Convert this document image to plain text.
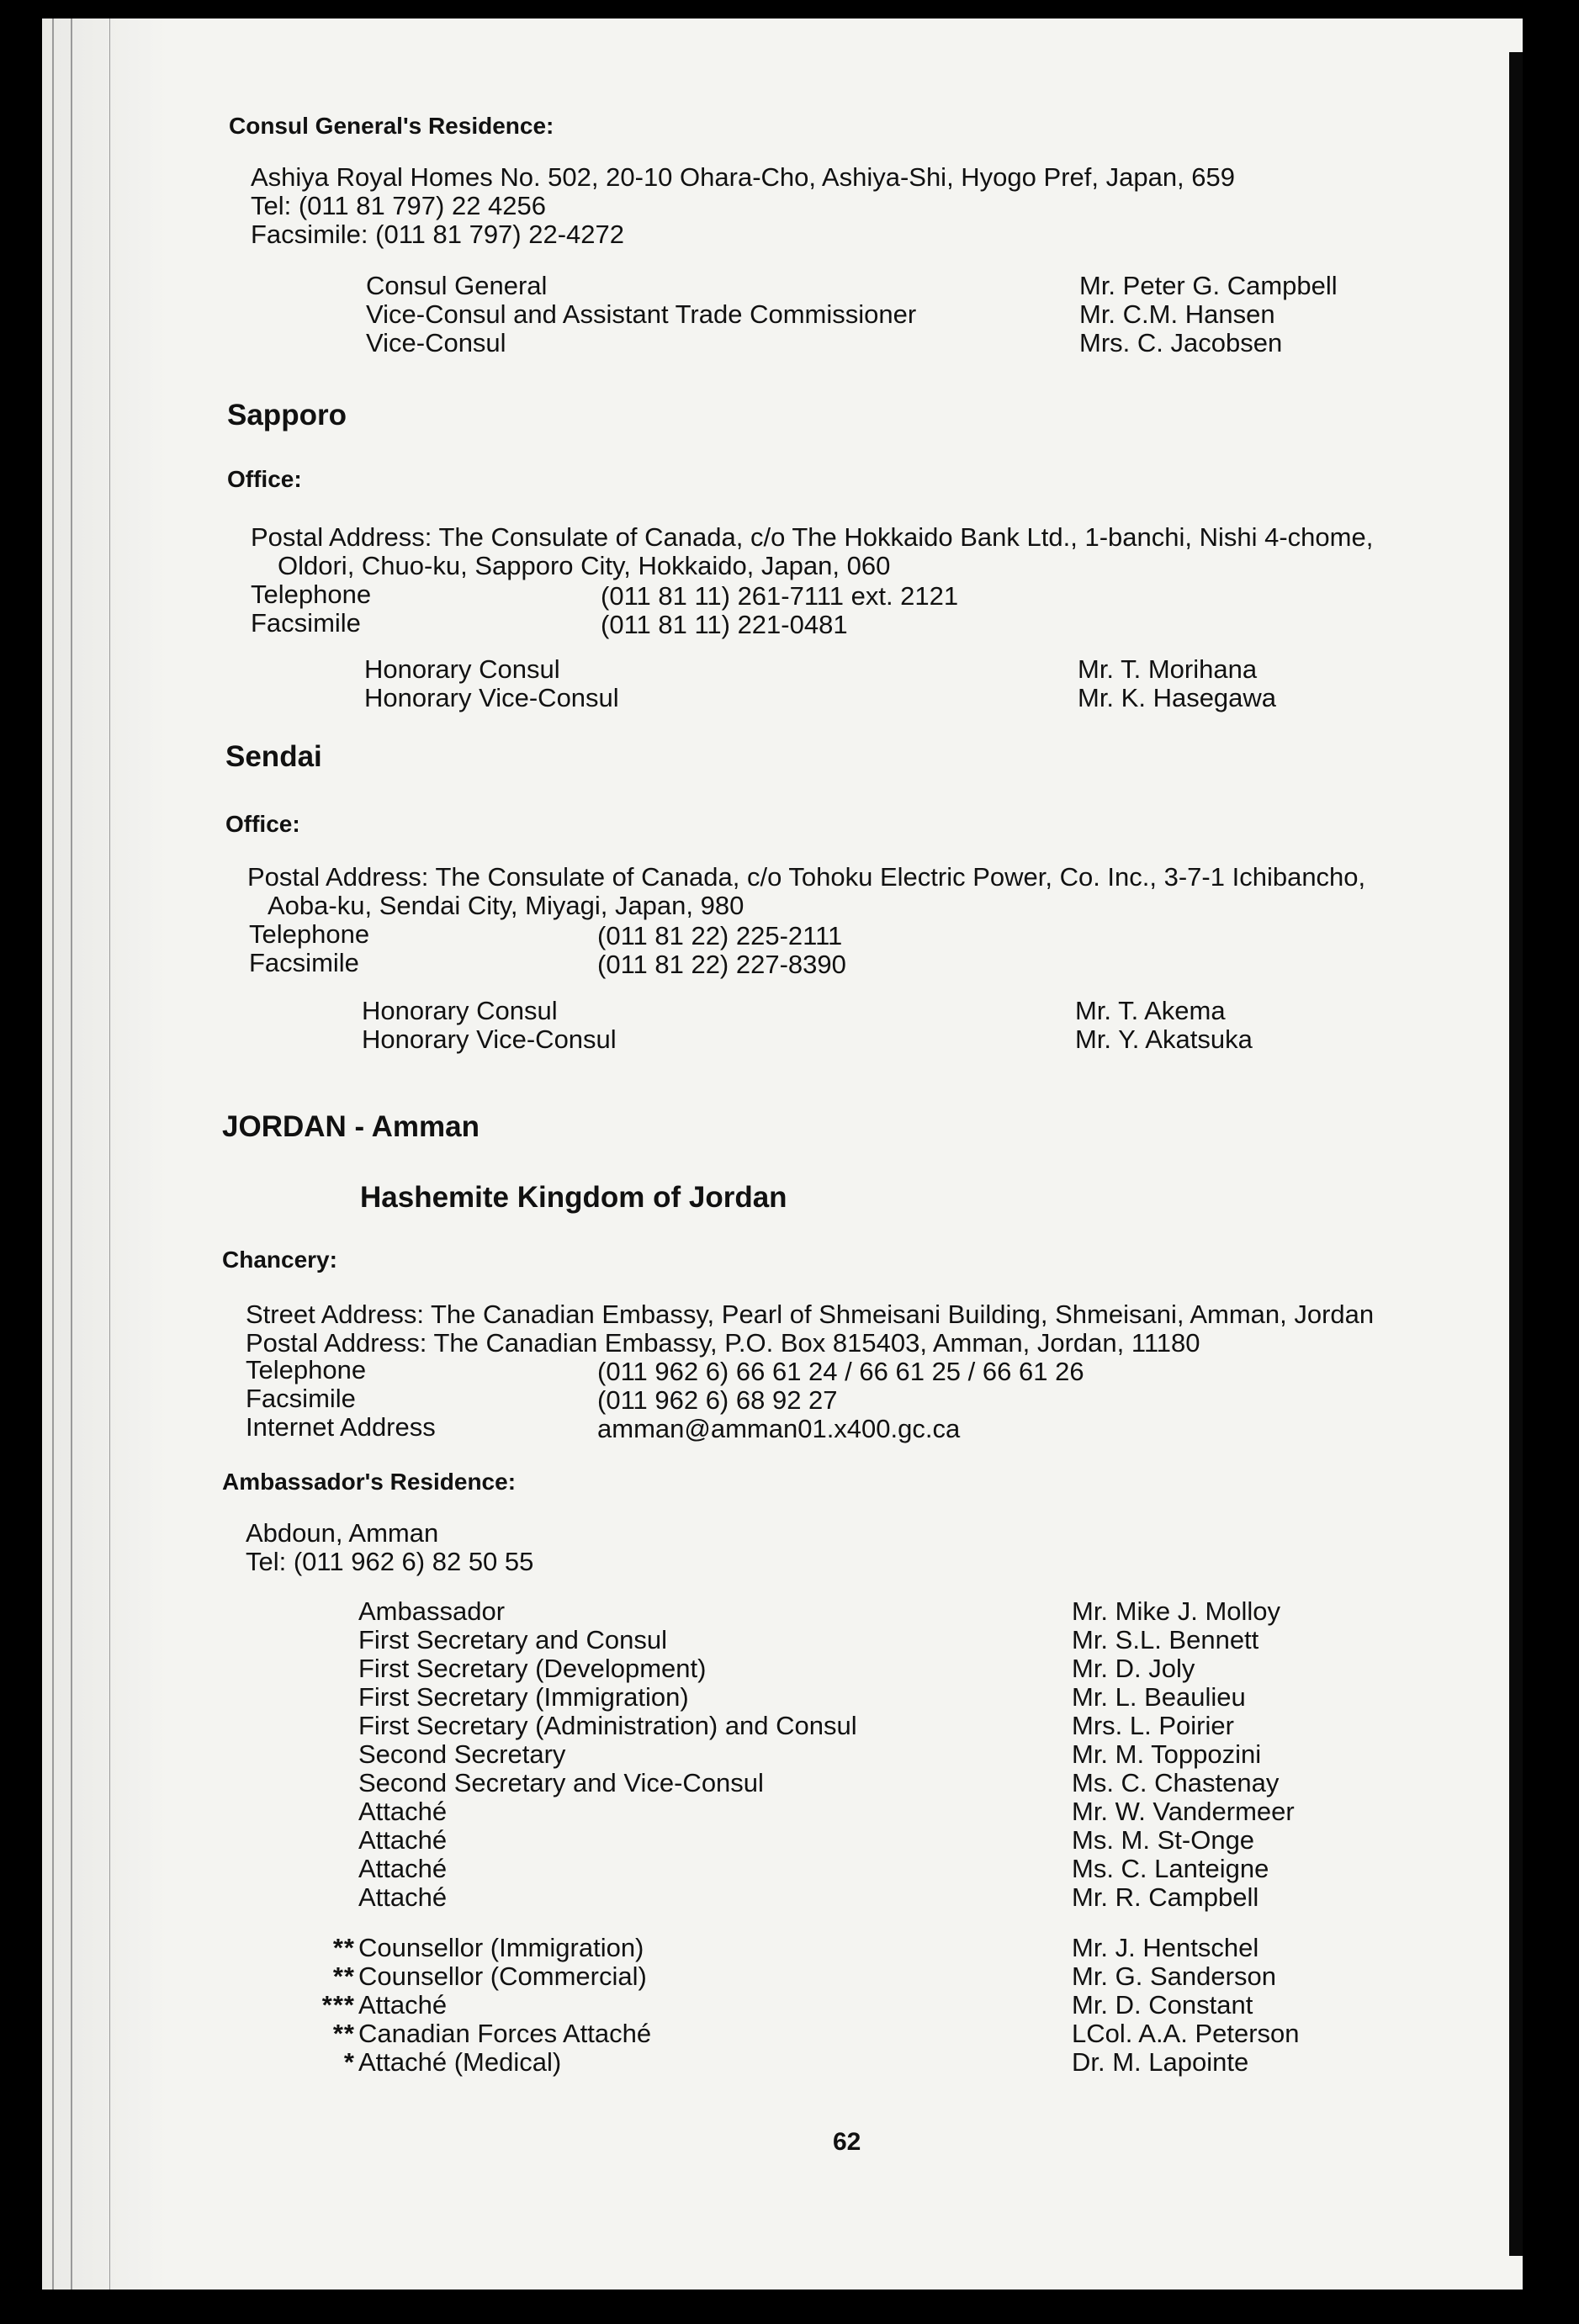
Consul General's Residence:
Ashiya Royal Homes No. 502, 20-10 Ohara-Cho, Ashiya-Shi, Hyogo Pref, Japan, 659
Tel: (011 81 797) 22 4256
Facsimile: (011 81 797) 22-4272
Consul General	Mr. Peter G. Campbell
Vice-Consul and Assistant Trade Commissioner	Mr. C.M. Hansen
Vice-Consul	Mrs. C. Jacobsen
Sapporo
Office:
Postal Address: The Consulate of Canada, c/o The Hokkaido Bank Ltd., 1-banchi, Nishi 4-chome,
Oldori, Chuo-ku, Sapporo City, Hokkaido, Japan, 060
Telephone	(011 81 11) 261-7111 ext. 2121
Facsimile	(011 81 11) 221-0481
Honorary Consul	Mr. T. Morihana
Honorary Vice-Consul	Mr. K. Hasegawa
Sendai
Office:
Postal Address: The Consulate of Canada, c/o Tohoku Electric Power, Co. Inc., 3-7-1 Ichibancho,
Aoba-ku, Sendai City, Miyagi, Japan, 980
Telephone	(011 81 22) 225-2111
Facsimile	(011 81 22) 227-8390
Honorary Consul	Mr. T. Akema
Honorary Vice-Consul	Mr. Y. Akatsuka
JORDAN - Amman
Hashemite Kingdom of Jordan
Chancery:
Street Address: The Canadian Embassy, Pearl of Shmeisani Building, Shmeisani, Amman, Jordan
Postal Address: The Canadian Embassy, P.O. Box 815403, Amman, Jordan, 11180
Telephone	(011 962 6) 66 61 24 / 66 61 25 / 66 61 26
Facsimile	(011 962 6) 68 92 27
Internet Address	amman@amman01.x400.gc.ca
Ambassador's Residence:
Abdoun, Amman
Tel: (011 962 6) 82 50 55
Ambassador	Mr. Mike J. Molloy
First Secretary and Consul	Mr. S.L. Bennett
First Secretary (Development)	Mr. D. Joly
First Secretary (Immigration)	Mr. L. Beaulieu
First Secretary (Administration) and Consul	Mrs. L. Poirier
Second Secretary	Mr. M. Toppozini
Second Secretary and Vice-Consul	Ms. C. Chastenay
Attaché	Mr. W. Vandermeer
Attaché	Ms. M. St-Onge
Attaché	Ms. C. Lanteigne
Attaché	Mr. R. Campbell
** Counsellor (Immigration)	Mr. J. Hentschel
** Counsellor (Commercial)	Mr. G. Sanderson
*** Attaché	Mr. D. Constant
** Canadian Forces Attaché	LCol. A.A. Peterson
* Attaché (Medical)	Dr. M. Lapointe
62
